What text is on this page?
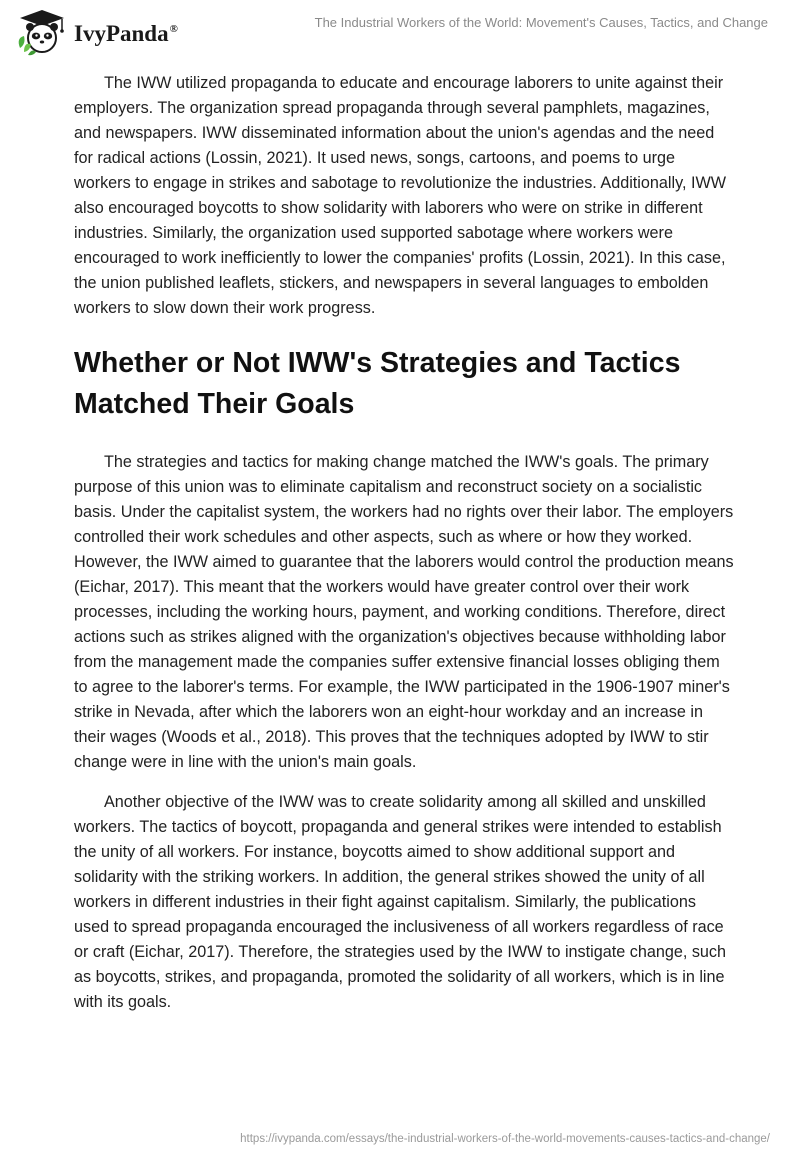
IvyPanda®	The Industrial Workers of the World: Movement's Causes, Tactics, and Change

The IWW utilized propaganda to educate and encourage laborers to unite against their employers. The organization spread propaganda through several pamphlets, magazines, and newspapers. IWW disseminated information about the union's agendas and the need for radical actions (Lossin, 2021). It used news, songs, cartoons, and poems to urge workers to engage in strikes and sabotage to revolutionize the industries. Additionally, IWW also encouraged boycotts to show solidarity with laborers who were on strike in different industries. Similarly, the organization used supported sabotage where workers were encouraged to work inefficiently to lower the companies' profits (Lossin, 2021). In this case, the union published leaflets, stickers, and newspapers in several languages to embolden workers to slow down their work progress.

Whether or Not IWW's Strategies and Tactics Matched Their Goals

The strategies and tactics for making change matched the IWW's goals. The primary purpose of this union was to eliminate capitalism and reconstruct society on a socialistic basis. Under the capitalist system, the workers had no rights over their labor. The employers controlled their work schedules and other aspects, such as where or how they worked. However, the IWW aimed to guarantee that the laborers would control the production means (Eichar, 2017). This meant that the workers would have greater control over their work processes, including the working hours, payment, and working conditions. Therefore, direct actions such as strikes aligned with the organization's objectives because withholding labor from the management made the companies suffer extensive financial losses obliging them to agree to the laborer's terms. For example, the IWW participated in the 1906-1907 miner's strike in Nevada, after which the laborers won an eight-hour workday and an increase in their wages (Woods et al., 2018). This proves that the techniques adopted by IWW to stir change were in line with the union's main goals.

Another objective of the IWW was to create solidarity among all skilled and unskilled workers. The tactics of boycott, propaganda and general strikes were intended to establish the unity of all workers. For instance, boycotts aimed to show additional support and solidarity with the striking workers. In addition, the general strikes showed the unity of all workers in different industries in their fight against capitalism. Similarly, the publications used to spread propaganda encouraged the inclusiveness of all workers regardless of race or craft (Eichar, 2017). Therefore, the strategies used by the IWW to instigate change, such as boycotts, strikes, and propaganda, promoted the solidarity of all workers, which is in line with its goals.

https://ivypanda.com/essays/the-industrial-workers-of-the-world-movements-causes-tactics-and-change/
